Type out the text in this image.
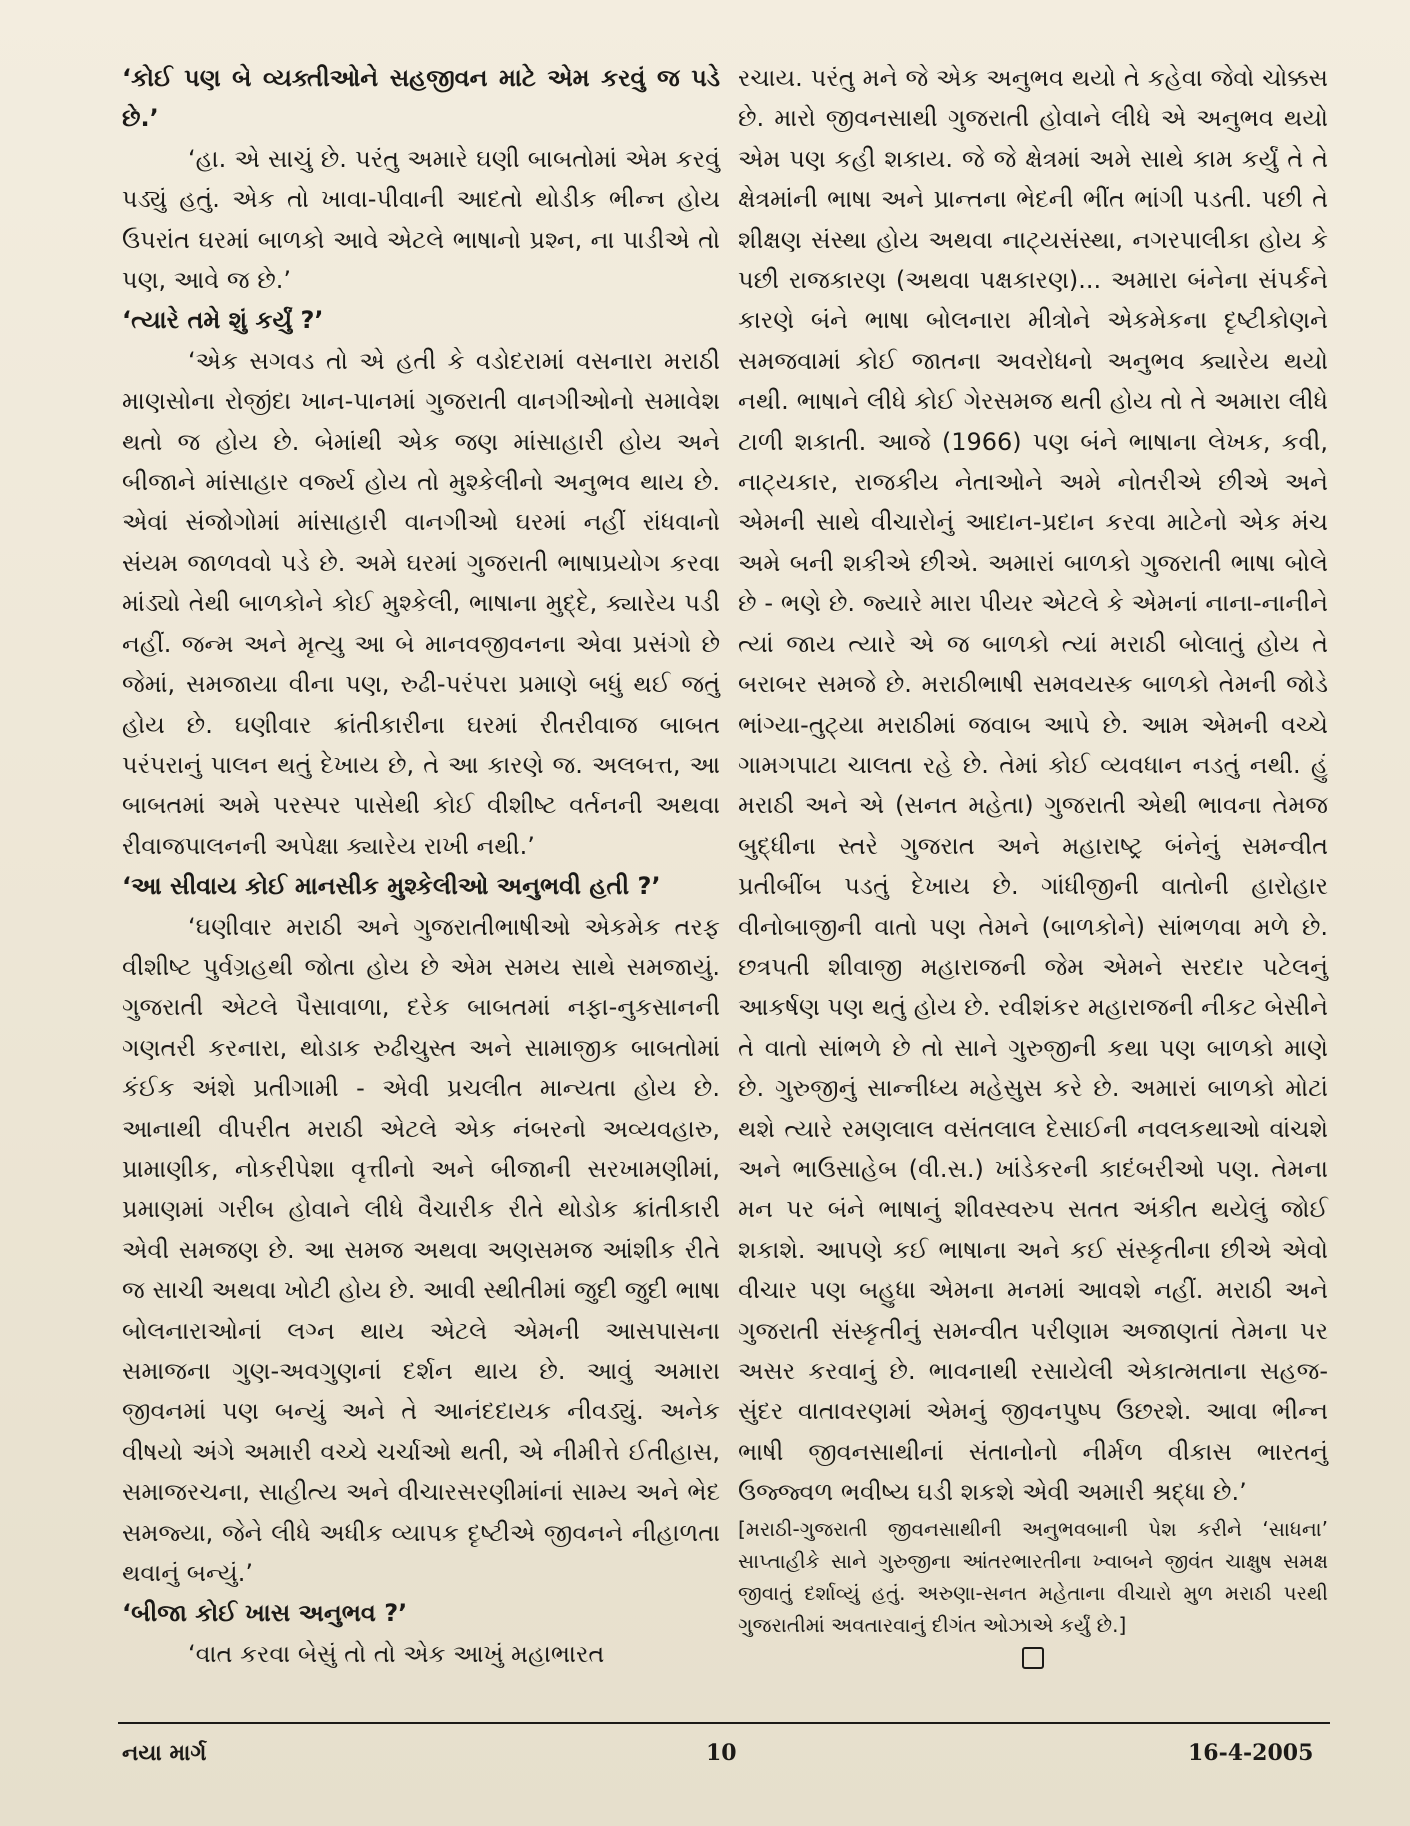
‘કોઈ પણ બે વ્યક્તીઓને સહજીવન માટે એમ કરવું જ પડે છે.’

‘હા. એ સાચું છે. પરંતુ અમારે ઘણી બાબતોમાં એમ કરવું પડ્યું હતું. એક તો ખાવા-પીવાની આદતો થોડીક ભીન્ન હોય ઉપરાંત ઘરમાં બાળકો આવે એટલે ભાષાનો પ્રશ્ન, ના પાડીએ તો પણ, આવે જ છે.’

‘ત્યારે તમે શું કર્યું ?’

‘એક સગવડ તો એ હતી કે વડોદરામાં વસનારા મરાઠી માણસોના રોજીંદા ખાન-પાનમાં ગુજરાતી વાનગીઓનો સમાવેશ થતો જ હોય છે. બેમાંથી એક જણ માંસાહારી હોય અને બીજાને માંસાહાર વર્જ્ય હોય તો મુશ્કેલીનો અનુભવ થાય છે. એવાં સંજોગોમાં માંસાહારી વાનગીઓ ઘરમાં નહીં રાંધવાનો સંયમ જાળવવો પડે છે. અમે ઘરમાં ગુજરાતી ભાષાપ્રયોગ કરવા માંડ્યો તેથી બાળકોને કોઈ મુશ્કેલી, ભાષાના મુદ્દે, ક્યારેય પડી નહીં. જન્મ અને મૃત્યુ આ બે માનવજીવનના એવા પ્રસંગો છે જેમાં, સમજાયા વીના પણ, રુઢી-પરંપરા પ્રમાણે બધું થઈ જતું હોય છે. ઘણીવાર ક્રાંતીકારીના ઘરમાં રીતરીવાજ બાબત પરંપરાનું પાલન થતું દેખાય છે, તે આ કારણે જ. અલબત્ત, આ બાબતમાં અમે પરસ્પર પાસેથી કોઈ વીશીષ્ટ વર્તનની અથવા રીવાજપાલનની અપેક્ષા ક્યારેય રાખી નથી.’

‘આ સીવાય કોઈ માનસીક મુશ્કેલીઓ અનુભવી હતી ?’

‘ઘણીવાર મરાઠી અને ગુજરાતીભાષીઓ એકમેક તરફ વીશીષ્ટ પુર્વગ્રહથી જોતા હોય છે એમ સમય સાથે સમજાયું. ગુજરાતી એટલે પૈસાવાળા, દરેક બાબતમાં નફા-નુકસાનની ગણતરી કરનારા, થોડાક રુઢીચુસ્ત અને સામાજીક બાબતોમાં કંઈક અંશે પ્રતીગામી - એવી પ્રચલીત માન્યતા હોય છે. આનાથી વીપરીત મરાઠી એટલે એક નંબરનો અવ્યવહારુ, પ્રામાણીક, નોકરીપેશા વૃત્તીનો અને બીજાની સરખામણીમાં, પ્રમાણમાં ગરીબ હોવાને લીધે વૈચારીક રીતે થોડોક ક્રાંતીકારી એવી સમજણ છે. આ સમજ અથવા અણસમજ આંશીક રીતે જ સાચી અથવા ખોટી હોય છે. આવી સ્થીતીમાં જુદી જુદી ભાષા બોલનારાઓનાં લગ્ન થાય એટલે એમની આસપાસના સમાજના ગુણ-અવગુણનાં દર્શન થાય છે. આવું અમારા જીવનમાં પણ બન્યું અને તે આનંદદાયક નીવડ્યું. અનેક વીષયો અંગે અમારી વચ્ચે ચર્ચાઓ થતી, એ નીમીત્તે ઈતીહાસ, સમાજરચના, સાહીત્ય અને વીચારસરણીમાંનાં સામ્ય અને ભેદ સમજ્યા, જેને લીધે અધીક વ્યાપક દૃષ્ટીએ જીવનને નીહાળતા થવાનું બન્યું.’

‘બીજા કોઈ ખાસ અનુભવ ?’

‘વાત કરવા બેસું તો તો એક આખું મહાભારત

રચાય. પરંતુ મને જે એક અનુભવ થયો તે કહેવા જેવો ચોક્કસ છે. મારો જીવનસાથી ગુજરાતી હોવાને લીધે એ અનુભવ થયો એમ પણ કહી શકાય. જે જે ક્ષેત્રમાં અમે સાથે કામ કર્યું તે તે ક્ષેત્રમાંની ભાષા અને પ્રાન્તના ભેદની ભીંત ભાંગી પડતી. પછી તે શીક્ષણ સંસ્થા હોય અથવા નાટ્યસંસ્થા, નગરપાલીકા હોય કે પછી રાજકારણ (અથવા પક્ષકારણ)... અમારા બંનેના સંપર્કને કારણે બંને ભાષા બોલનારા મીત્રોને એકમેકના દૃષ્ટીકોણને સમજવામાં કોઈ જાતના અવરોધનો અનુભવ ક્યારેય થયો નથી. ભાષાને લીધે કોઈ ગેરસમજ થતી હોય તો તે અમારા લીધે ટાળી શકાતી. આજે (1966) પણ બંને ભાષાના લેખક, કવી, નાટ્યકાર, રાજકીય નેતાઓને અમે નોતરીએ છીએ અને એમની સાથે વીચારોનું આદાન-પ્રદાન કરવા માટેનો એક મંચ અમે બની શકીએ છીએ. અમારાં બાળકો ગુજરાતી ભાષા બોલે છે - ભણે છે. જ્યારે મારા પીયર એટલે કે એમનાં નાના-નાનીને ત્યાં જાય ત્યારે એ જ બાળકો ત્યાં મરાઠી બોલાતું હોય તે બરાબર સમજે છે. મરાઠીભાષી સમવયસ્ક બાળકો તેમની જોડે ભાંગ્યા-તુટ્યા મરાઠીમાં જવાબ આપે છે. આમ એમની વચ્ચે ગામગપાટા ચાલતા રહે છે. તેમાં કોઈ વ્યવધાન નડતું નથી. હું મરાઠી અને એ (સનત મહેતા) ગુજરાતી એથી ભાવના તેમજ બુદ્ધીના સ્તરે ગુજરાત અને મહારાષ્ટ્ર બંનેનું સમન્વીત પ્રતીબીંબ પડતું દેખાય છે. ગાંધીજીની વાતોની હારોહાર વીનોબાજીની વાતો પણ તેમને (બાળકોને) સાંભળવા મળે છે. છત્રપતી શીવાજી મહારાજની જેમ એમને સરદાર પટેલનું આકર્ષણ પણ થતું હોય છે. રવીશંકર મહારાજની નીકટ બેસીને તે વાતો સાંભળે છે તો સાને ગુરુજીની કથા પણ બાળકો માણે છે. ગુરુજીનું સાન્નીધ્ય મહેસુસ કરે છે. અમારાં બાળકો મોટાં થશે ત્યારે રમણલાલ વસંતલાલ દેસાઈની નવલકથાઓ વાંચશે અને ભાઉસાહેબ (વી.સ.) ખાંડેકરની કાદંબરીઓ પણ. તેમના મન પર બંને ભાષાનું શીવસ્વરુપ સતત અંકીત થયેલું જોઈ શકાશે. આપણે કઈ ભાષાના અને કઈ સંસ્કૃતીના છીએ એવો વીચાર પણ બહુધા એમના મનમાં આવશે નહીં. મરાઠી અને ગુજરાતી સંસ્કૃતીનું સમન્વીત પરીણામ અજાણતાં તેમના પર અસર કરવાનું છે. ભાવનાથી રસાયેલી એકાત્મતાના સહજ-સુંદર વાતાવરણમાં એમનું જીવનપુષ્પ ઉછરશે. આવા ભીન્ન ભાષી જીવનસાથીનાં સંતાનોનો નીર્મળ વીકાસ ભારતનું ઉજ્જ્વળ ભવીષ્ય ઘડી શકશે એવી અમારી શ્રદ્ધા છે.’

[મરાઠી-ગુજરાતી જીવનસાથીની અનુભવબાની પેશ કરીને ‘સાધના’ સાપ્તાહીકે સાને ગુરુજીના આંતરભારતીના ખ્વાબને જીવંત ચાક્ષુષ સમક્ષ જીવાતું દર્શાવ્યું હતું. અરુણા-સનત મહેતાના વીચારો મુળ મરાઠી પરથી ગુજરાતીમાં અવતારવાનું દીગંત ઓઝાએ કર્યું છે.]

નયા માર્ગ	10	16-4-2005
